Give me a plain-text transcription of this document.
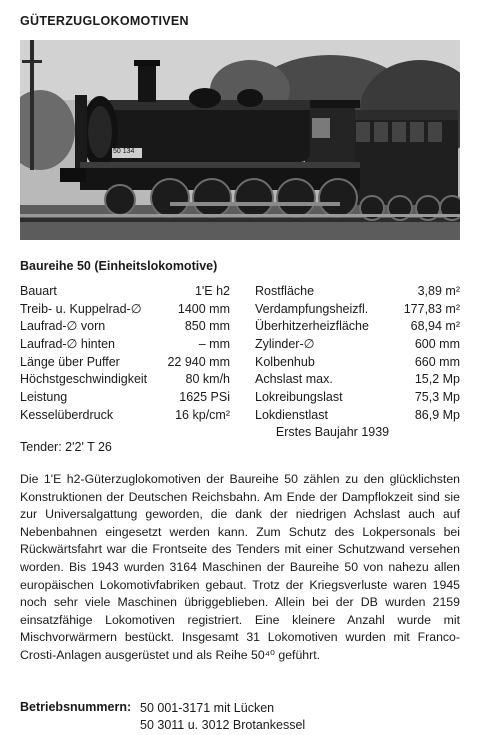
GÜTERZUGLOKOMOTIVEN
50 134
Baureihe 50 (Einheitslokomotive)
Bauart	1'E h2
Treib- u. Kuppelrad-∅	1400 mm
Laufrad-∅ vorn	850 mm
Laufrad-∅ hinten	– mm
Länge über Puffer	22 940 mm
Höchstgeschwindigkeit	80 km/h
Leistung	1625 PSi
Kesselüberdruck	16 kp/cm²
Rostfläche	3,89 m²
Verdampfungsheizfl.	177,83 m²
Überhitzerheizfläche	68,94 m²
Zylinder-∅	600 mm
Kolbenhub	660 mm
Achslast max.	15,2 Mp
Lokreibungslast	75,3 Mp
Lokdienstlast	86,9 Mp
Erstes Baujahr 1939
Tender: 2'2' T 26

Die 1'E h2-Güterzuglokomotiven der Baureihe 50 zählen zu den glücklichsten Konstruktionen der Deutschen Reichsbahn. Am Ende der Dampflokzeit sind sie zur Universalgattung geworden, die dank der niedrigen Achslast auch auf Nebenbahnen eingesetzt werden kann. Zum Schutz des Lokpersonals bei Rückwärtsfahrt war die Frontseite des Tenders mit einer Schutzwand versehen worden. Bis 1943 wurden 3164 Maschinen der Baureihe 50 von nahezu allen europäischen Lokomotivfabriken gebaut. Trotz der Kriegsverluste waren 1945 noch sehr viele Maschinen übriggeblieben. Allein bei der DB wurden 2159 einsatzfähige Lokomotiven registriert. Eine kleinere Anzahl wurde mit Mischvorwärmern bestückt. Insgesamt 31 Lokomotiven wurden mit Franco-Crosti-Anlagen ausgerüstet und als Reihe 50⁴⁰ geführt.

Betriebsnummern: 50 001-3171 mit Lücken
50 3011 u. 3012 Brotankessel
